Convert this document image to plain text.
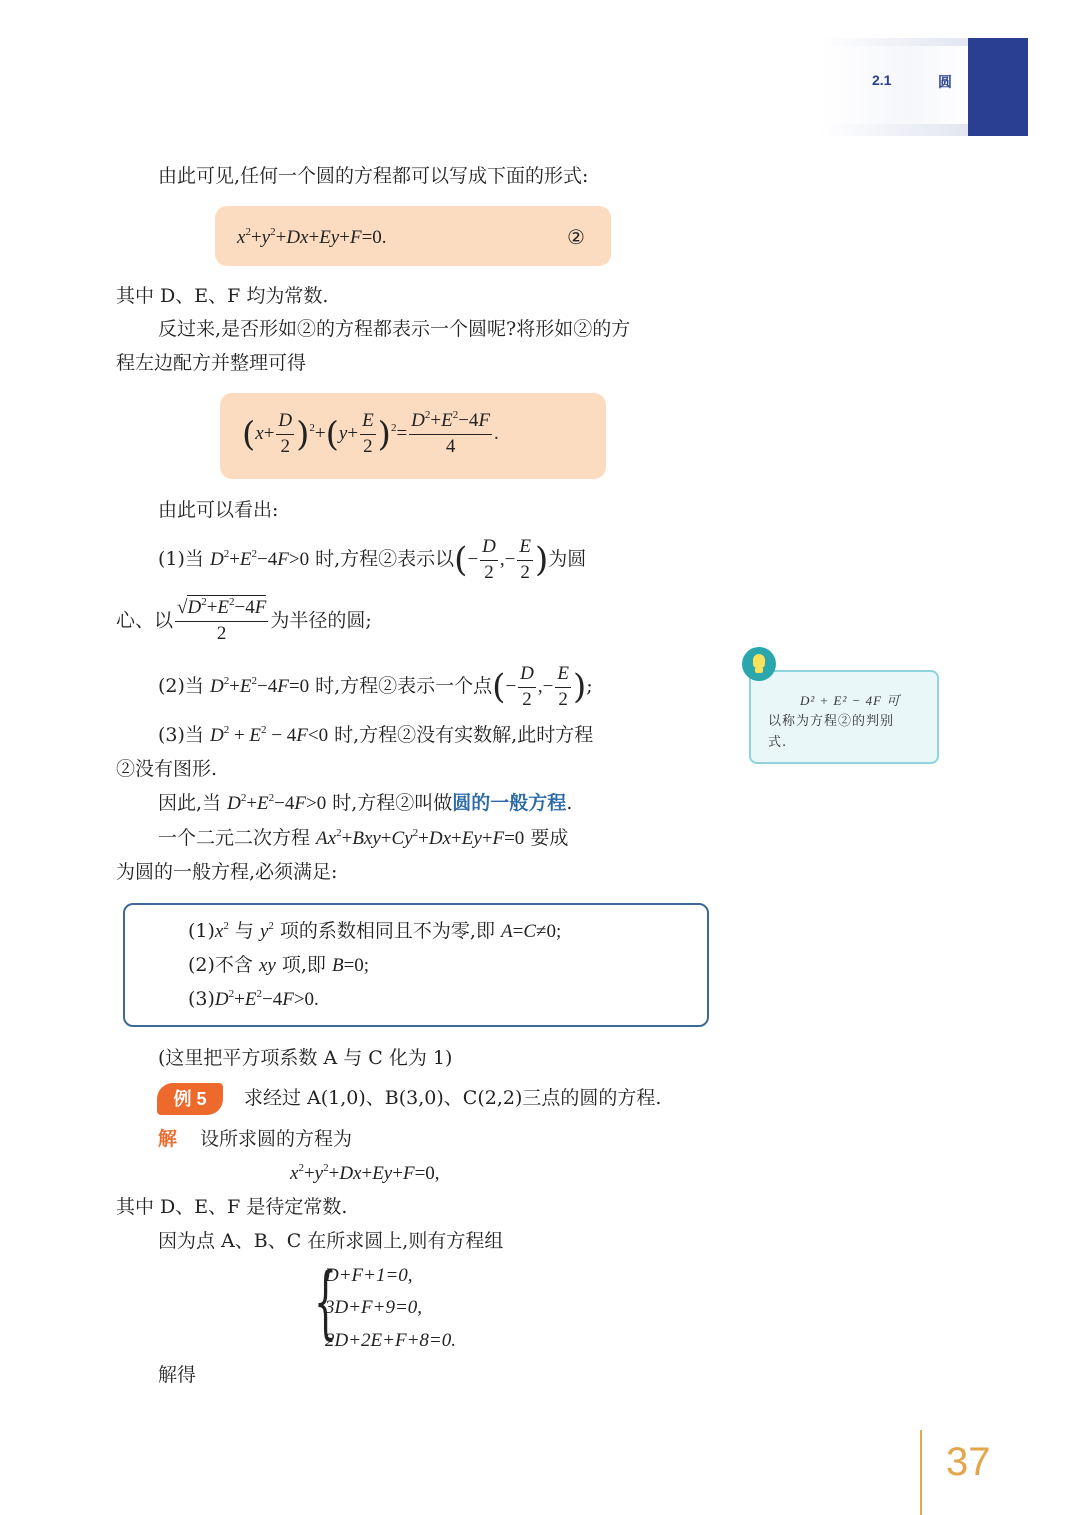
2.1	圆
由此可见,任何一个圆的方程都可以写成下面的形式:
$x^2+y^2+Dx+Ey+F=0$.	②
其中 D、E、F 均为常数.
反过来,是否形如②的方程都表示一个圆呢?将形如②的方
程左边配方并整理可得
$(x+ \frac{D}{2} )^2+(y+ \frac{E}{2} )^2= \frac{D^2+E^2-4F}{4}$ .
由此可以看出:
(1)当 $D^2+E^2-4F>0$ 时,方程②表示以(− $\frac{D}{2}$ ,− $\frac{E}{2}$ )为圆
心、以 $\frac{√D^2+E^2-4F}{2}$ 为半径的圆;
(2)当 $D^2+E^2-4F=0$ 时,方程②表示一个点(− $\frac{D}{2}$ ,− $\frac{E}{2}$ );
(3)当 $D^2 + E^2 - 4F<0$ 时,方程②没有实数解,此时方程
②没有图形.
因此,当 $D^2+E^2-4F>0$ 时,方程②叫做圆的一般方程.
一个二元二次方程 $Ax^2+Bxy+Cy^2+Dx+Ey+F=0$ 要成
为圆的一般方程,必须满足:
$(1)x^2$ 与 $y^2$ 项的系数相同且不为零,即 A=C≠0;
(2)不含 xy 项,即 B=0;
$(3)D^2+E^2-4F>0$.
(这里把平方项系数 A 与 C 化为 1)
例 5	求经过 A(1,0)、B(3,0)、C(2,2)三点的圆的方程.
解 设所求圆的方程为
$x^2+y^2+Dx+Ey+F=0$,
其中 D、E、F 是待定常数.
因为点 A、B、C 在所求圆上,则有方程组
{
D+F+1=0,
3D+F+9=0,
2D+2E+F+8=0.
解得
D² + E² − 4F 可
以称为方程②的判别
式.
37
